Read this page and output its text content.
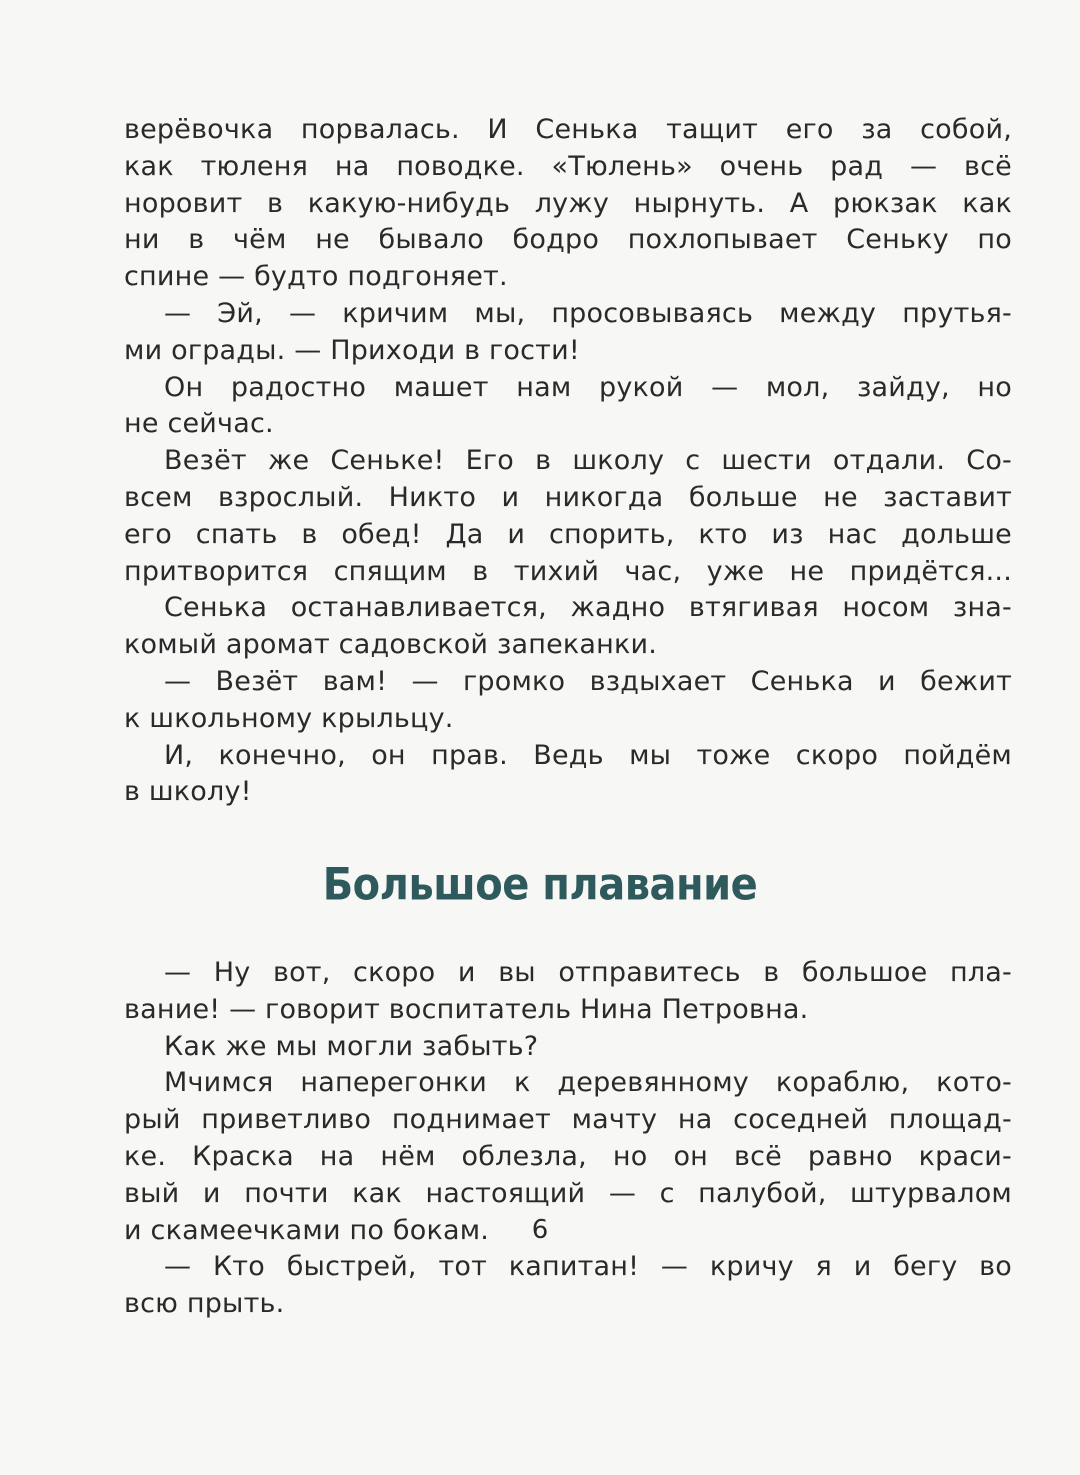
верёвочка порвалась. И Сенька тащит его за собой,
как тюленя на поводке. «Тюлень» очень рад — всё
норовит в какую-нибудь лужу нырнуть. А рюкзак как
ни в чём не бывало бодро похлопывает Сеньку по
спине — будто подгоняет.
— Эй, — кричим мы, просовываясь между прутья-
ми ограды. — Приходи в гости!
Он радостно машет нам рукой — мол, зайду, но
не сейчас.
Везёт же Сеньке! Его в школу с шести отдали. Со-
всем взрослый. Никто и никогда больше не заставит
его спать в обед! Да и спорить, кто из нас дольше
притворится спящим в тихий час, уже не придётся...
Сенька останавливается, жадно втягивая носом зна-
комый аромат садовской запеканки.
— Везёт вам! — громко вздыхает Сенька и бежит
к школьному крыльцу.
И, конечно, он прав. Ведь мы тоже скоро пойдём
в школу!
Большое плавание
— Ну вот, скоро и вы отправитесь в большое пла-
вание! — говорит воспитатель Нина Петровна.
Как же мы могли забыть?
Мчимся наперегонки к деревянному кораблю, кото-
рый приветливо поднимает мачту на соседней площад-
ке. Краска на нём облезла, но он всё равно краси-
вый и почти как настоящий — с палубой, штурвалом
и скамеечками по бокам.
— Кто быстрей, тот капитан! — кричу я и бегу во
всю прыть.
6
